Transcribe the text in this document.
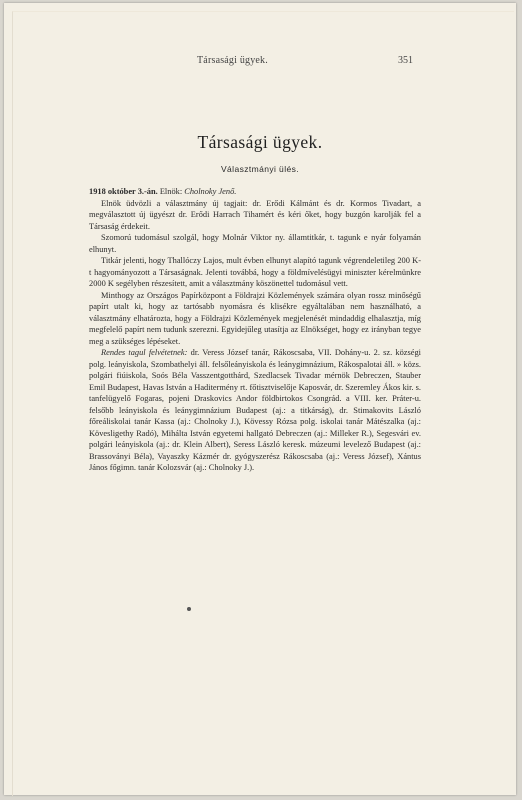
Társasági ügyek.	351
Társasági ügyek.
Választmányi ülés.

1918 október 3.-án. Elnök: Cholnoky Jenő.

Elnök üdvözli a választmány új tagjait: dr. Erődi Kálmánt és dr. Kormos Tivadart, a megválasztott új ügyészt dr. Erődi Harrach Tihamért és kéri őket, hogy buzgón karolják fel a Társaság érdekeit.

Szomorú tudomásul szolgál, hogy Molnár Viktor ny. államtitkár, t. tagunk e nyár folyamán elhunyt.

Titkár jelenti, hogy Thallóczy Lajos, mult évben elhunyt alapító tagunk végrendeletileg 200 K-t hagyományozott a Társaságnak. Jelenti továbbá, hogy a földmívelésügyi miniszter kérelmünkre 2000 K segélyben részesített, amit a választmány köszönettel tudomásul vett.

Minthogy az Országos Papírközpont a Földrajzi Közlemények számára olyan rossz minőségű papírt utalt ki, hogy az tartósabb nyomásra és klisékre egyáltalában nem használható, a választmány elhatározta, hogy a Földrajzi Közlemények megjelenését mindaddig elhalasztja, míg megfelelő papírt nem tudunk szerezni. Egyidejűleg utasítja az Elnökséget, hogy ez irányban tegye meg a szükséges lépéseket.

Rendes tagul felvétetnek: dr. Veress József tanár, Rákoscsaba, VII. Dohány-u. 2. sz. községi polg. leányiskola, Szombathelyi áll. felsőleányiskola és leánygimnázium, Rákospalotai áll. » közs. polgári fiúiskola, Soós Béla Vasszentgotthárd, Szedlacsek Tivadar mérnök Debreczen, Stauber Emil Budapest, Havas István a Haditermény rt. főtisztviselője Kaposvár, dr. Szeremley Ákos kir. s. tanfelügyelő Fogaras, pojeni Draskovics Andor földbirtokos Csongrád. a VIII. ker. Práter-u. felsőbb leányiskola és leánygimnázium Budapest (aj.: a titkárság), dr. Stimakovits László főreáliskolai tanár Kassa (aj.: Cholnoky J.), Kövessy Rózsa polg. iskolai tanár Mátészalka (aj.: Kövesligethy Radó), Mihálta István egyetemi hallgató Debreczen (aj.: Milleker R.), Segesvári ev. polgári leányiskola (aj.: dr. Klein Albert), Seress László keresk. múzeumi levelező Budapest (aj.: Brassoványi Béla), Vayaszky Kázmér dr. gyógyszerész Rákoscsaba (aj.: Veress József), Xántus János főgimn. tanár Kolozsvár (aj.: Cholnoky J.).
